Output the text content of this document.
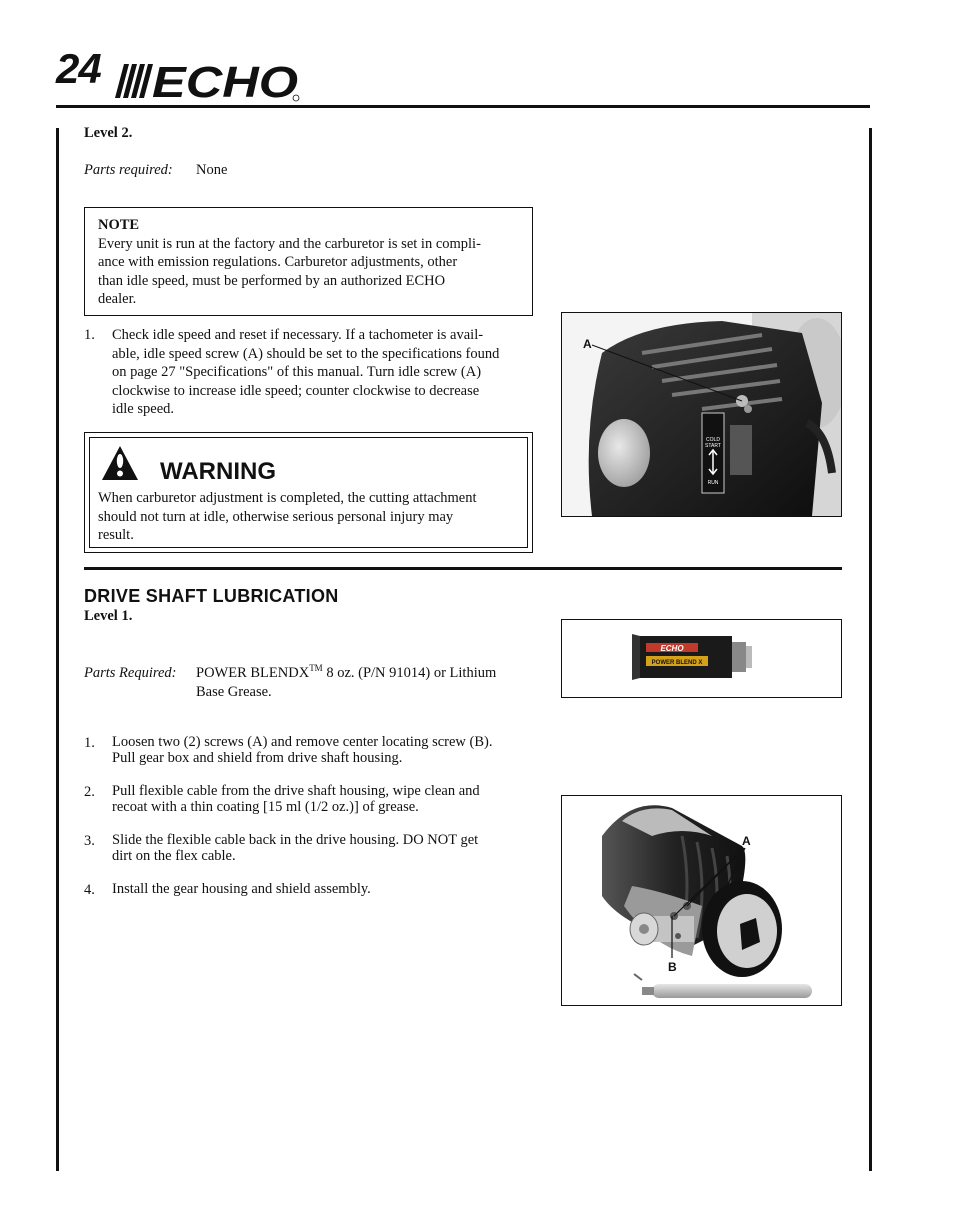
24 ECHO
Level 2.
Parts required: None
NOTE
Every unit is run at the factory and the carburetor is set in compli-
ance with emission regulations. Carburetor adjustments, other
than idle speed, must be performed by an authorized ECHO
dealer.
1.	Check idle speed and reset if necessary. If a tachometer is avail-
able, idle speed screw (A) should be set to the specifications found
on page 27 "Specifications" of this manual. Turn idle screw (A)
clockwise to increase idle speed; counter clockwise to decrease
idle speed.
WARNING
When carburetor adjustment is completed, the cutting attachment
should not turn at idle, otherwise serious personal injury may
result.
COLD
START
RUN
A
DRIVE SHAFT LUBRICATION
Level 1.
Parts Required: POWER BLENDX™ 8 oz. (P/N 91014) or Lithium
Base Grease.
ECHO
POWER BLEND X
1.	Loosen two (2) screws (A) and remove center locating screw (B).
Pull gear box and shield from drive shaft housing.
2.	Pull flexible cable from the drive shaft housing, wipe clean and
recoat with a thin coating [15 ml (1/2 oz.)] of grease.
3.	Slide the flexible cable back in the drive housing. DO NOT get
dirt on the flex cable.
4.	Install the gear housing and shield assembly.
A
B
